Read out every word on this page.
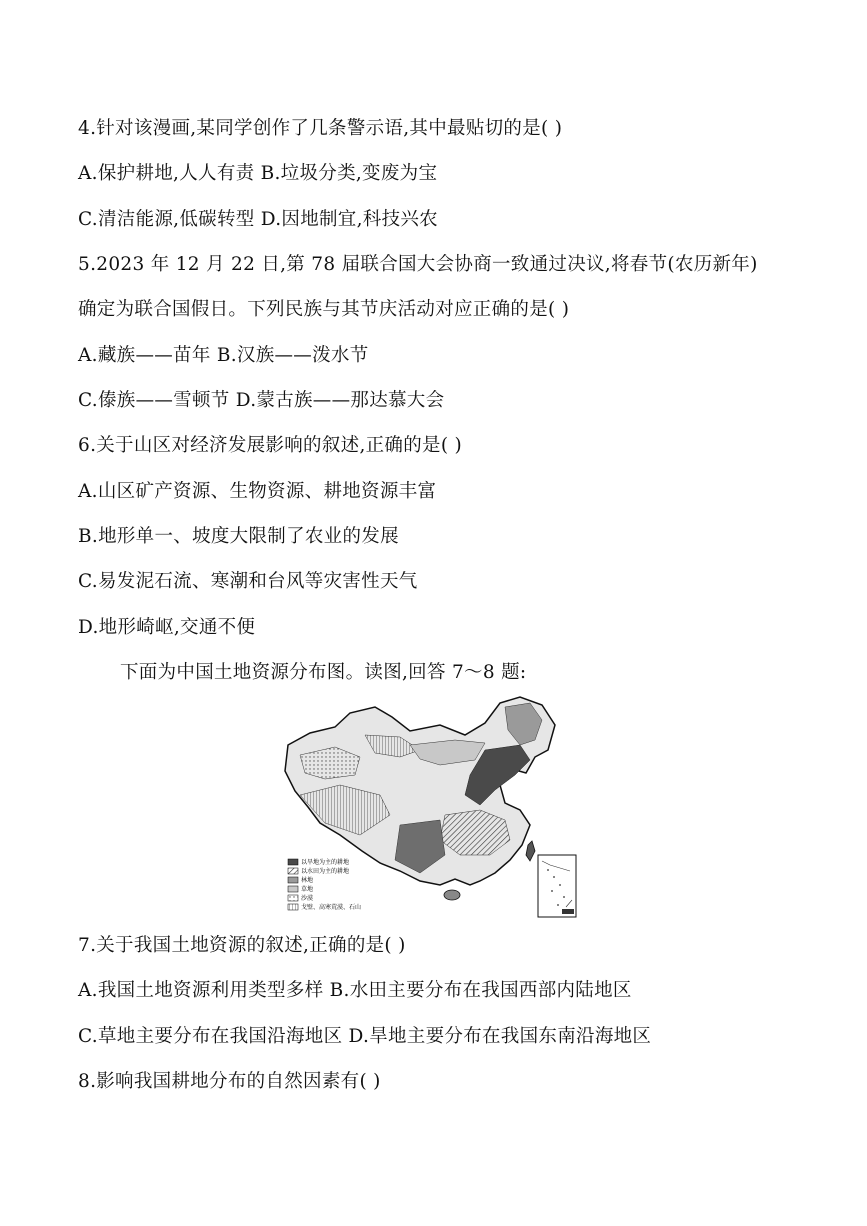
4.针对该漫画,某同学创作了几条警示语,其中最贴切的是( )
A.保护耕地,人人有责 B.垃圾分类,变废为宝
C.清洁能源,低碳转型 D.因地制宜,科技兴农
5.2023 年 12 月 22 日,第 78 届联合国大会协商一致通过决议,将春节(农历新年)
确定为联合国假日。下列民族与其节庆活动对应正确的是( )
A.藏族——苗年 B.汉族——泼水节
C.傣族——雪顿节 D.蒙古族——那达慕大会
6.关于山区对经济发展影响的叙述,正确的是( )
A.山区矿产资源、生物资源、耕地资源丰富
B.地形单一、坡度大限制了农业的发展
C.易发泥石流、寒潮和台风等灾害性天气
D.地形崎岖,交通不便
下面为中国土地资源分布图。读图,回答 7～8 题:
以旱地为主的耕地
以水田为主的耕地
林地
草地
沙漠
戈壁、高寒荒漠、石山
7.关于我国土地资源的叙述,正确的是( )
A.我国土地资源利用类型多样 B.水田主要分布在我国西部内陆地区
C.草地主要分布在我国沿海地区 D.旱地主要分布在我国东南沿海地区
8.影响我国耕地分布的自然因素有( )
